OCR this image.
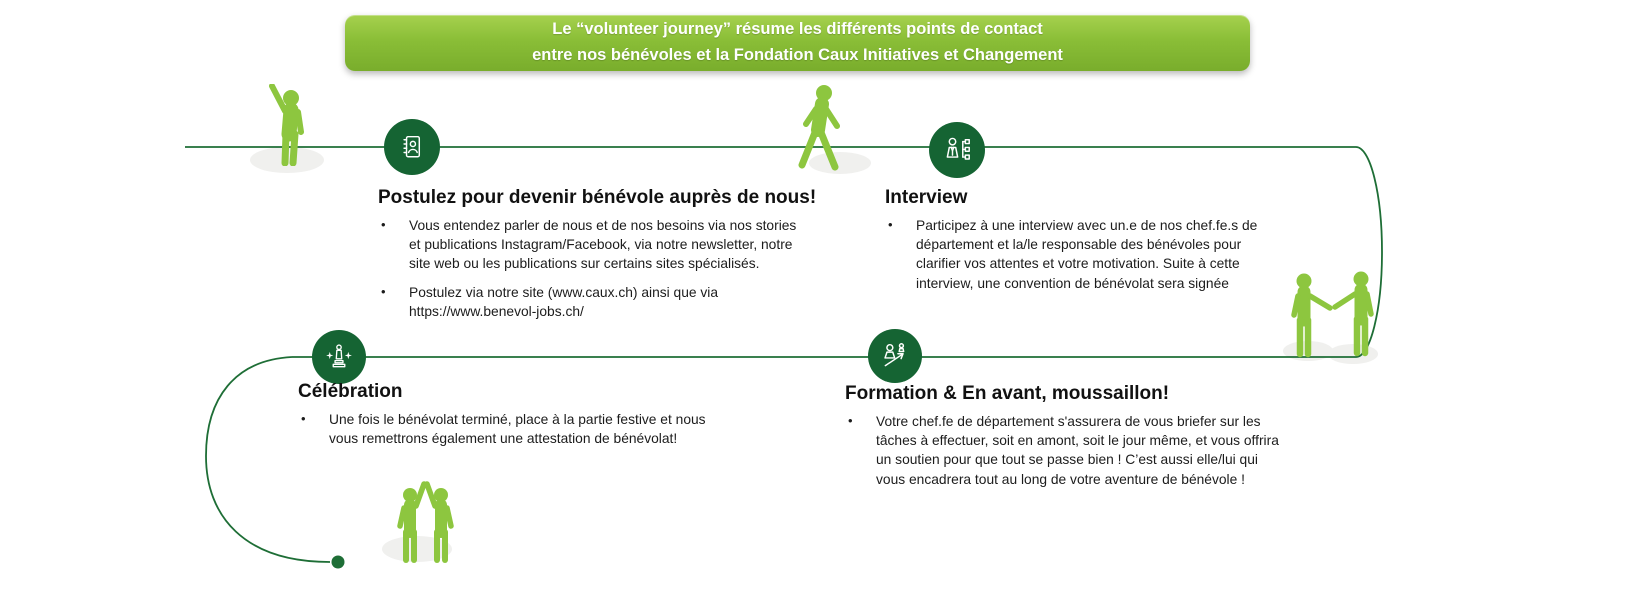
Le “volunteer journey” résume les différents points de contact
entre nos bénévoles et la Fondation Caux Initiatives et Changement
Postulez pour devenir bénévole auprès de nous!
•	Vous entendez parler de nous et de nos besoins via nos stories et publications Instagram/Facebook, via notre newsletter, notre site web ou les publications sur certains sites spécialisés.

•	Postulez via notre site (www.caux.ch) ainsi que via https://www.benevol-jobs.ch/

Interview
•	Participez à une interview avec un.e de nos chef.fe.s de département et la/le responsable des bénévoles pour clarifier vos attentes et votre motivation. Suite à cette interview, une convention de bénévolat sera signée

Célébration
•	Une fois le bénévolat terminé, place à la partie festive et nous vous remettrons également une attestation de bénévolat!

Formation & En avant, moussaillon!
•	Votre chef.fe de département s'assurera de vous briefer sur les tâches à effectuer, soit en amont, soit le jour même, et vous offrira un soutien pour que tout se passe bien ! C’est aussi elle/lui qui vous encadrera tout au long de votre aventure de bénévole !
